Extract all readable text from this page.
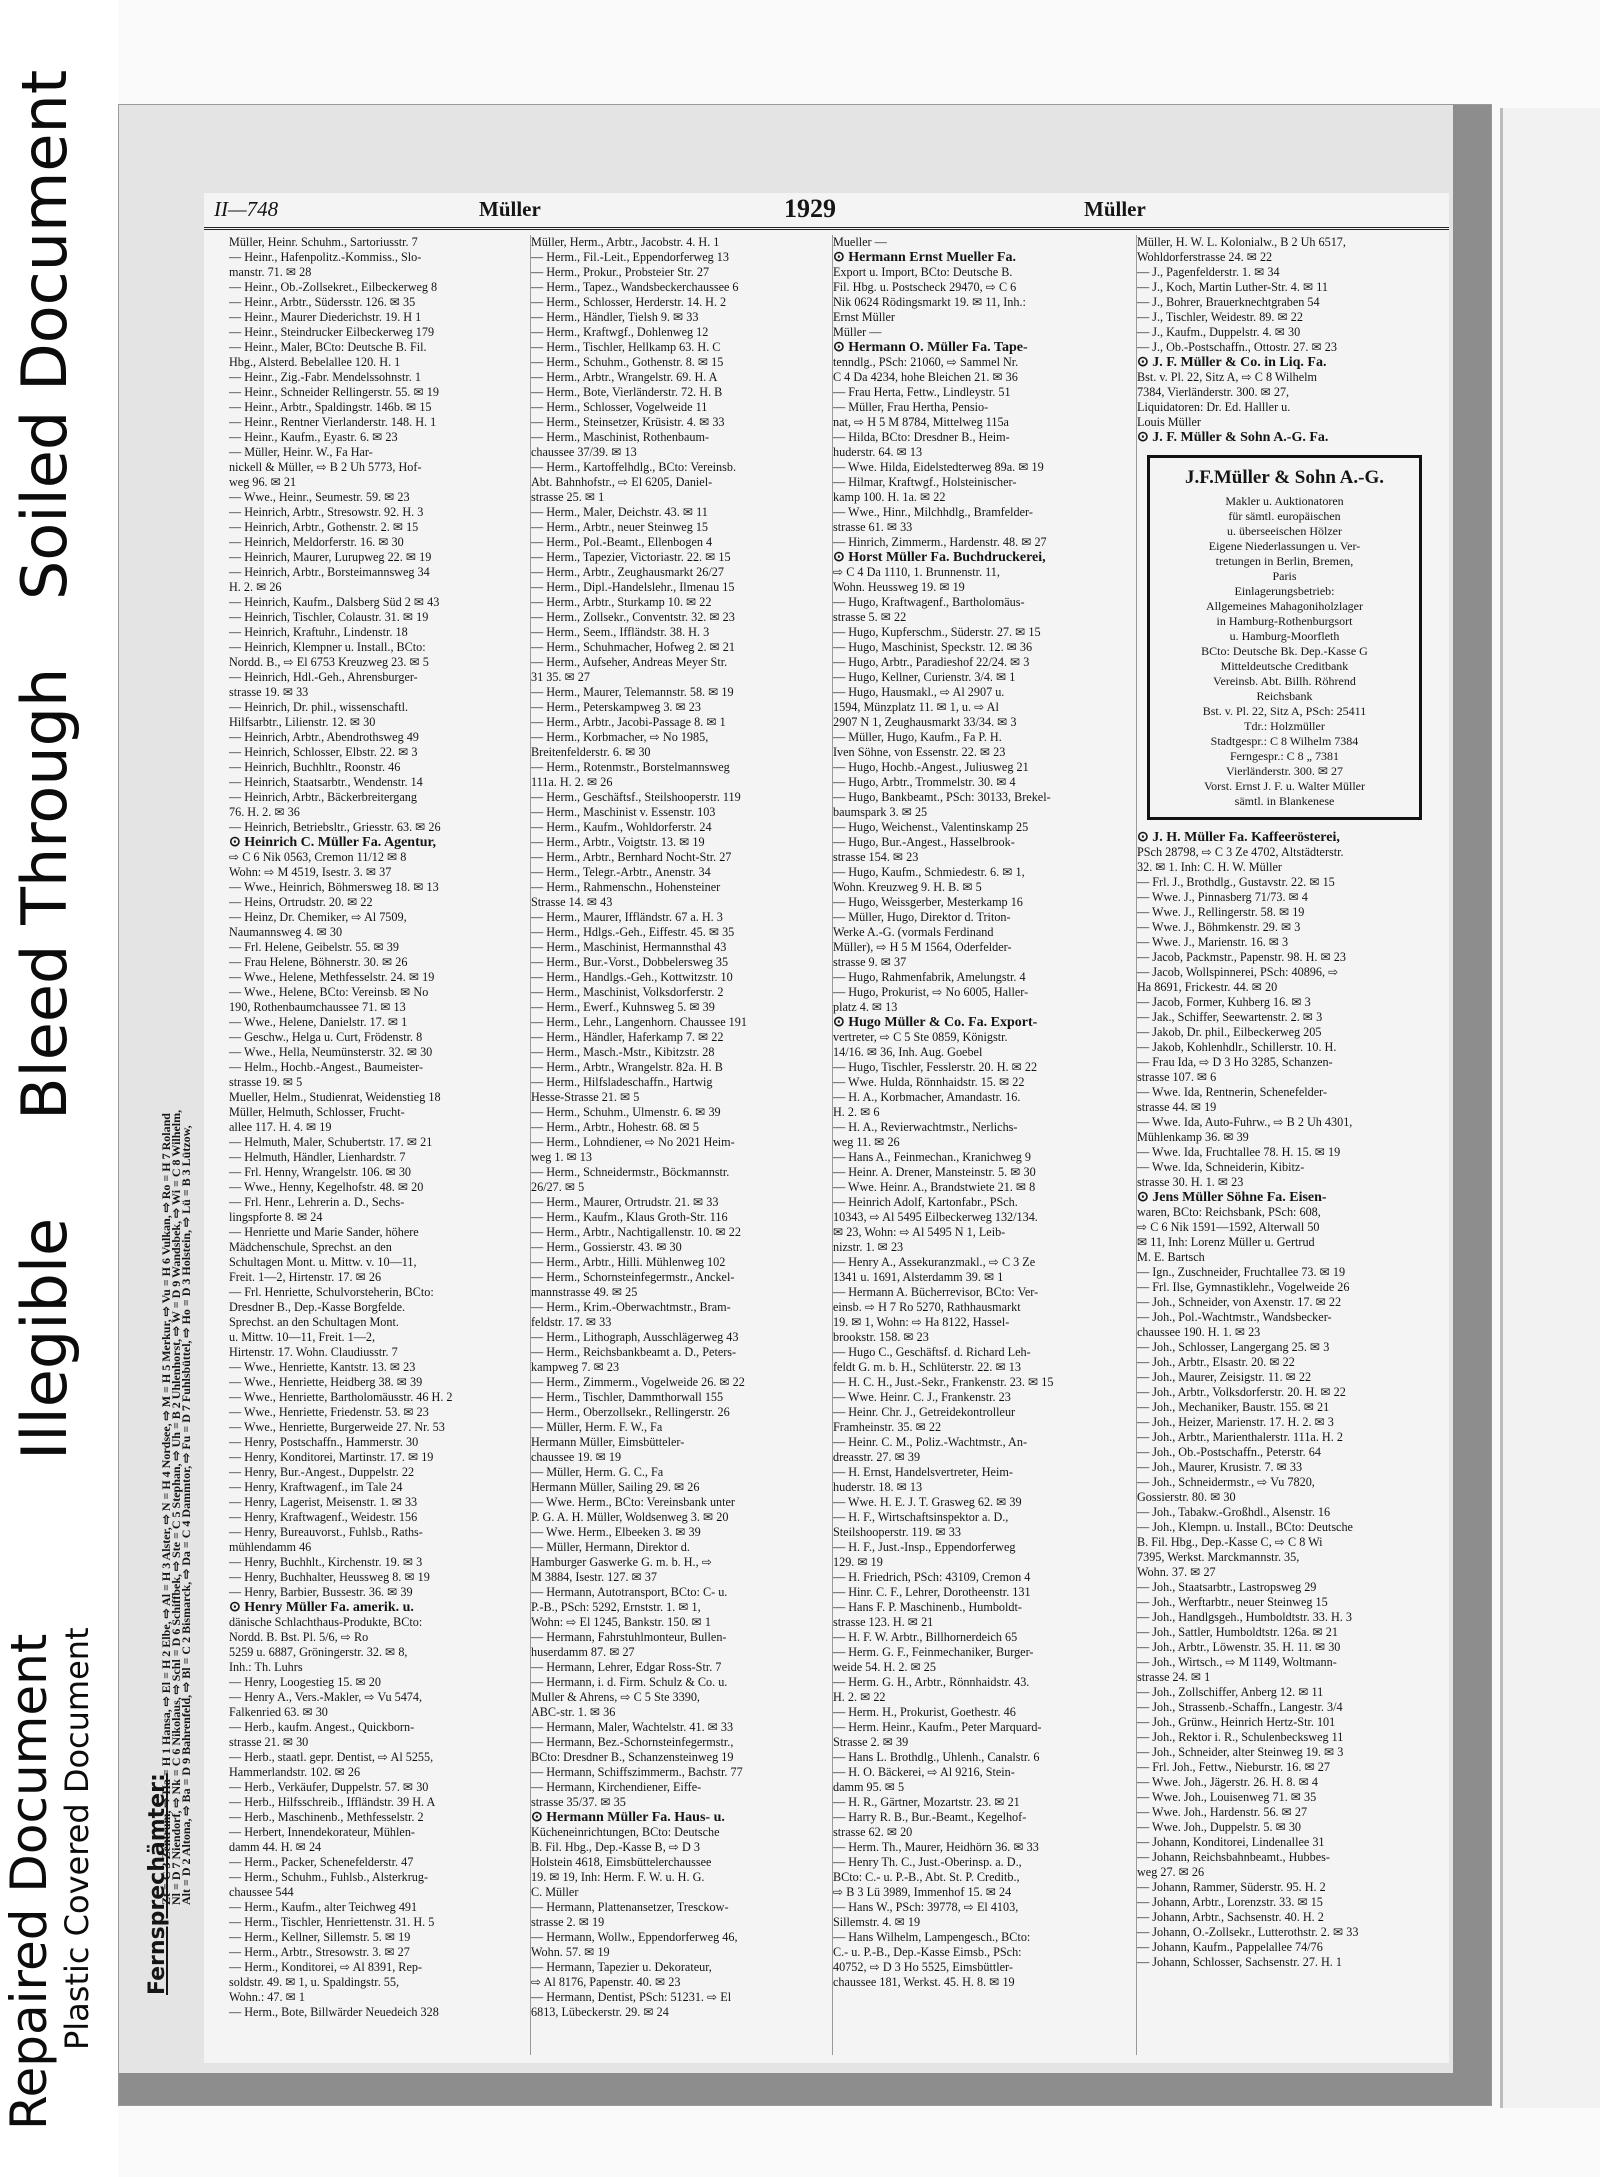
Repaired Document Plastic Covered Document
Illegible
Bleed Through
Soiled Document
Fernsprechämter: Alt = D 2 Altona, ⇨ Ba = D 9 Bahrenfeld, ⇨ Bl = C 2 Bismarck, ⇨ Da = C 4 Dammtor, ⇨ Fu = D 7 Fuhlsbüttel, ⇨ Ho = D 3 Holstein, ⇨ Lü = B 3 Lützow,
Nl = D 7 Niendorf, ⇨ Nk = C 6 Nikolaus, ⇨ Schl = D 6 Schiffbek, ⇨ Ste = C 5 Stephan, ⇨ Uh = B 2 Uhlenhorst, ⇨ W = D 9 Wandsbek, ⇨ Wi = C 8 Wilhelm,
Zt = C 3 Zentrum, ⇨ Ha = H 1 Hansa, ⇨ El = H 2 Elbe, ⇨ Al = H 3 Alster, ⇨ N = H 4 Nordsee, ⇨ M = H 5 Merkur, ⇨ Vu = H 6 Vulkan, ⇨ Ro = H 7 Roland
II—748	Müller	1929	Müller

Müller, Heinr. Schuhm., Sartoriusstr. 7

— Heinr., Hafenpolitz.-Kommiss., Slo-

manstr. 71. ✉ 28

— Heinr., Ob.-Zollsekret., Eilbeckerweg 8

— Heinr., Arbtr., Südersstr. 126. ✉ 35

— Heinr., Maurer Diederichstr. 19. H 1

— Heinr., Steindrucker Eilbeckerweg 179

— Heinr., Maler, BCto: Deutsche B. Fil.

Hbg., Alsterd. Bebelallee 120. H. 1

— Heinr., Zig.-Fabr. Mendelssohnstr. 1

— Heinr., Schneider Rellingerstr. 55. ✉ 19

— Heinr., Arbtr., Spaldingstr. 146b. ✉ 15

— Heinr., Rentner Vierlanderstr. 148. H. 1

— Heinr., Kaufm., Eyastr. 6. ✉ 23

— Müller, Heinr. W., Fa Har-

nickell & Müller, ⇨ B 2 Uh 5773, Hof-

weg 96. ✉ 21

— Wwe., Heinr., Seumestr. 59. ✉ 23

— Heinrich, Arbtr., Stresowstr. 92. H. 3

— Heinrich, Arbtr., Gothenstr. 2. ✉ 15

— Heinrich, Meldorferstr. 16. ✉ 30

— Heinrich, Maurer, Lurupweg 22. ✉ 19

— Heinrich, Arbtr., Borsteimannsweg 34

H. 2. ✉ 26

— Heinrich, Kaufm., Dalsberg Süd 2 ✉ 43

— Heinrich, Tischler, Colaustr. 31. ✉ 19

— Heinrich, Kraftuhr., Lindenstr. 18

— Heinrich, Klempner u. Install., BCto:

Nordd. B., ⇨ El 6753 Kreuzweg 23. ✉ 5

— Heinrich, Hdl.-Geh., Ahrensburger-

strasse 19. ✉ 33

— Heinrich, Dr. phil., wissenschaftl.

Hilfsarbtr., Lilienstr. 12. ✉ 30

— Heinrich, Arbtr., Abendrothsweg 49

— Heinrich, Schlosser, Elbstr. 22. ✉ 3

— Heinrich, Buchhltr., Roonstr. 46

— Heinrich, Staatsarbtr., Wendenstr. 14

— Heinrich, Arbtr., Bäckerbreitergang

76. H. 2. ✉ 36

— Heinrich, Betriebsltr., Griesstr. 63. ✉ 26

⊙ Heinrich C. Müller Fa. Agentur,

⇨ C 6 Nik 0563, Cremon 11/12 ✉ 8

Wohn: ⇨ M 4519, Isestr. 3. ✉ 37

— Wwe., Heinrich, Böhmersweg 18. ✉ 13

— Heins, Ortrudstr. 20. ✉ 22

— Heinz, Dr. Chemiker, ⇨ Al 7509,

Naumannsweg 4. ✉ 30

— Frl. Helene, Geibelstr. 55. ✉ 39

— Frau Helene, Böhnerstr. 30. ✉ 26

— Wwe., Helene, Methfesselstr. 24. ✉ 19

— Wwe., Helene, BCto: Vereinsb. ✉ No

190, Rothenbaumchaussee 71. ✉ 13

— Wwe., Helene, Danielstr. 17. ✉ 1

— Geschw., Helga u. Curt, Frödenstr. 8

— Wwe., Hella, Neumünsterstr. 32. ✉ 30

— Helm., Hochb.-Angest., Baumeister-

strasse 19. ✉ 5

Mueller, Helm., Studienrat, Weidenstieg 18

Müller, Helmuth, Schlosser, Frucht-

allee 117. H. 4. ✉ 19

— Helmuth, Maler, Schubertstr. 17. ✉ 21

— Helmuth, Händler, Lienhardstr. 7

— Frl. Henny, Wrangelstr. 106. ✉ 30

— Wwe., Henny, Kegelhofstr. 48. ✉ 20

— Frl. Henr., Lehrerin a. D., Sechs-

lingspforte 8. ✉ 24

— Henriette und Marie Sander, höhere

Mädchenschule, Sprechst. an den

Schultagen Mont. u. Mittw. v. 10—11,

Freit. 1—2, Hirtenstr. 17. ✉ 26

— Frl. Henriette, Schulvorsteherin, BCto:

Dresdner B., Dep.-Kasse Borgfelde.

Sprechst. an den Schultagen Mont.

u. Mittw. 10—11, Freit. 1—2,

Hirtenstr. 17. Wohn. Claudiusstr. 7

— Wwe., Henriette, Kantstr. 13. ✉ 23

— Wwe., Henriette, Heidberg 38. ✉ 39

— Wwe., Henriette, Bartholomäusstr. 46 H. 2

— Wwe., Henriette, Friedenstr. 53. ✉ 23

— Wwe., Henriette, Burgerweide 27. Nr. 53

— Henry, Postschaffn., Hammerstr. 30

— Henry, Konditorei, Martinstr. 17. ✉ 19

— Henry, Bur.-Angest., Duppelstr. 22

— Henry, Kraftwagenf., im Tale 24

— Henry, Lagerist, Meisenstr. 1. ✉ 33

— Henry, Kraftwagenf., Weidestr. 156

— Henry, Bureauvorst., Fuhlsb., Raths-

mühlendamm 46

— Henry, Buchhlt., Kirchenstr. 19. ✉ 3

— Henry, Buchhalter, Heussweg 8. ✉ 19

— Henry, Barbier, Bussestr. 36. ✉ 39

⊙ Henry Müller Fa. amerik. u.

dänische Schlachthaus-Produkte, BCto:

Nordd. B. Bst. Pl. 5/6, ⇨ Ro

5259 u. 6887, Gröningerstr. 32. ✉ 8,

Inh.: Th. Luhrs

— Henry, Loogestieg 15. ✉ 20

— Henry A., Vers.-Makler, ⇨ Vu 5474,

Falkenried 63. ✉ 30

— Herb., kaufm. Angest., Quickborn-

strasse 21. ✉ 30

— Herb., staatl. gepr. Dentist, ⇨ Al 5255,

Hammerlandstr. 102. ✉ 26

— Herb., Verkäufer, Duppelstr. 57. ✉ 30

— Herb., Hilfsschreib., Iffländstr. 39 H. A

— Herb., Maschinenb., Methfesselstr. 2

— Herbert, Innendekorateur, Mühlen-

damm 44. H. ✉ 24

— Herm., Packer, Schenefelderstr. 47

— Herm., Schuhm., Fuhlsb., Alsterkrug-

chaussee 544

— Herm., Kaufm., alter Teichweg 491

— Herm., Tischler, Henriettenstr. 31. H. 5

— Herm., Kellner, Sillemstr. 5. ✉ 19

— Herm., Arbtr., Stresowstr. 3. ✉ 27

— Herm., Konditorei, ⇨ Al 8391, Rep-

soldstr. 49. ✉ 1, u. Spaldingstr. 55,

Wohn.: 47. ✉ 1

— Herm., Bote, Billwärder Neuedeich 328

Müller, Herm., Arbtr., Jacobstr. 4. H. 1

— Herm., Fil.-Leit., Eppendorferweg 13

— Herm., Prokur., Probsteier Str. 27

— Herm., Tapez., Wandsbeckerchaussee 6

— Herm., Schlosser, Herderstr. 14. H. 2

— Herm., Händler, Tielsh 9. ✉ 33

— Herm., Kraftwgf., Dohlenweg 12

— Herm., Tischler, Hellkamp 63. H. C

— Herm., Schuhm., Gothenstr. 8. ✉ 15

— Herm., Arbtr., Wrangelstr. 69. H. A

— Herm., Bote, Vierländerstr. 72. H. B

— Herm., Schlosser, Vogelweide 11

— Herm., Steinsetzer, Krüsistr. 4. ✉ 33

— Herm., Maschinist, Rothenbaum-

chaussee 37/39. ✉ 13

— Herm., Kartoffelhdlg., BCto: Vereinsb.

Abt. Bahnhofstr., ⇨ El 6205, Daniel-

strasse 25. ✉ 1

— Herm., Maler, Deichstr. 43. ✉ 11

— Herm., Arbtr., neuer Steinweg 15

— Herm., Pol.-Beamt., Ellenbogen 4

— Herm., Tapezier, Victoriastr. 22. ✉ 15

— Herm., Arbtr., Zeughausmarkt 26/27

— Herm., Dipl.-Handelslehr., Ilmenau 15

— Herm., Arbtr., Sturkamp 10. ✉ 22

— Herm., Zollsekr., Conventstr. 32. ✉ 23

— Herm., Seem., Iffländstr. 38. H. 3

— Herm., Schuhmacher, Hofweg 2. ✉ 21

— Herm., Aufseher, Andreas Meyer Str.

31 35. ✉ 27

— Herm., Maurer, Telemannstr. 58. ✉ 19

— Herm., Peterskampweg 3. ✉ 23

— Herm., Arbtr., Jacobi-Passage 8. ✉ 1

— Herm., Korbmacher, ⇨ No 1985,

Breitenfelderstr. 6. ✉ 30

— Herm., Rotenmstr., Borstelmannsweg

111a. H. 2. ✉ 26

— Herm., Geschäftsf., Steilshooperstr. 119

— Herm., Maschinist v. Essenstr. 103

— Herm., Kaufm., Wohldorferstr. 24

— Herm., Arbtr., Voigtstr. 13. ✉ 19

— Herm., Arbtr., Bernhard Nocht-Str. 27

— Herm., Telegr.-Arbtr., Anenstr. 34

— Herm., Rahmenschn., Hohensteiner

Strasse 14. ✉ 43

— Herm., Maurer, Iffländstr. 67 a. H. 3

— Herm., Hdlgs.-Geh., Eiffestr. 45. ✉ 35

— Herm., Maschinist, Hermannsthal 43

— Herm., Bur.-Vorst., Dobbelersweg 35

— Herm., Handlgs.-Geh., Kottwitzstr. 10

— Herm., Maschinist, Volksdorferstr. 2

— Herm., Ewerf., Kuhnsweg 5. ✉ 39

— Herm., Lehr., Langenhorn. Chaussee 191

— Herm., Händler, Haferkamp 7. ✉ 22

— Herm., Masch.-Mstr., Kibitzstr. 28

— Herm., Arbtr., Wrangelstr. 82a. H. B

— Herm., Hilfsladeschaffn., Hartwig

Hesse-Strasse 21. ✉ 5

— Herm., Schuhm., Ulmenstr. 6. ✉ 39

— Herm., Arbtr., Hohestr. 68. ✉ 5

— Herm., Lohndiener, ⇨ No 2021 Heim-

weg 1. ✉ 13

— Herm., Schneidermstr., Böckmannstr.

26/27. ✉ 5

— Herm., Maurer, Ortrudstr. 21. ✉ 33

— Herm., Kaufm., Klaus Groth-Str. 116

— Herm., Arbtr., Nachtigallenstr. 10. ✉ 22

— Herm., Gossierstr. 43. ✉ 30

— Herm., Arbtr., Hilli. Mühlenweg 102

— Herm., Schornsteinfegermstr., Anckel-

mannstrasse 49. ✉ 25

— Herm., Krim.-Oberwachtmstr., Bram-

feldstr. 17. ✉ 33

— Herm., Lithograph, Ausschlägerweg 43

— Herm., Reichsbankbeamt a. D., Peters-

kampweg 7. ✉ 23

— Herm., Zimmerm., Vogelweide 26. ✉ 22

— Herm., Tischler, Dammthorwall 155

— Herm., Oberzollsekr., Rellingerstr. 26

— Müller, Herm. F. W., Fa

Hermann Müller, Eimsbütteler-

chaussee 19. ✉ 19

— Müller, Herm. G. C., Fa

Hermann Müller, Sailing 29. ✉ 26

— Wwe. Herm., BCto: Vereinsbank unter

P. G. A. H. Müller, Woldsenweg 3. ✉ 20

— Wwe. Herm., Elbeeken 3. ✉ 39

— Müller, Hermann, Direktor d.

Hamburger Gaswerke G. m. b. H., ⇨

M 3884, Isestr. 127. ✉ 37

— Hermann, Autotransport, BCto: C- u.

P.-B., PSch: 5292, Ernststr. 1. ✉ 1,

Wohn: ⇨ El 1245, Bankstr. 150. ✉ 1

— Hermann, Fahrstuhlmonteur, Bullen-

huserdamm 87. ✉ 27

— Hermann, Lehrer, Edgar Ross-Str. 7

— Hermann, i. d. Firm. Schulz & Co. u.

Muller & Ahrens, ⇨ C 5 Ste 3390,

ABC-str. 1. ✉ 36

— Hermann, Maler, Wachtelstr. 41. ✉ 33

— Hermann, Bez.-Schornsteinfegermstr.,

BCto: Dresdner B., Schanzensteinweg 19

— Hermann, Schiffszimmerm., Bachstr. 77

— Hermann, Kirchendiener, Eiffe-

strasse 35/37. ✉ 35

⊙ Hermann Müller Fa. Haus- u.

Kücheneinrichtungen, BCto: Deutsche

B. Fil. Hbg., Dep.-Kasse B, ⇨ D 3

Holstein 4618, Eimsbüttelerchaussee

19. ✉ 19, Inh: Herm. F. W. u. H. G.

C. Müller

— Hermann, Plattenansetzer, Tresckow-

strasse 2. ✉ 19

— Hermann, Wollw., Eppendorferweg 46,

Wohn. 57. ✉ 19

— Hermann, Tapezier u. Dekorateur,

⇨ Al 8176, Papenstr. 40. ✉ 23

— Hermann, Dentist, PSch: 51231. ⇨ El

6813, Lübeckerstr. 29. ✉ 24

Mueller —

⊙ Hermann Ernst Mueller Fa.

Export u. Import, BCto: Deutsche B.

Fil. Hbg. u. Postscheck 29470, ⇨ C 6

Nik 0624 Rödingsmarkt 19. ✉ 11, Inh.:

Ernst Müller

Müller —

⊙ Hermann O. Müller Fa. Tape-

tenndlg., PSch: 21060, ⇨ Sammel Nr.

C 4 Da 4234, hohe Bleichen 21. ✉ 36

— Frau Herta, Fettw., Lindleystr. 51

— Müller, Frau Hertha, Pensio-

nat, ⇨ H 5 M 8784, Mittelweg 115a

— Hilda, BCto: Dresdner B., Heim-

huderstr. 64. ✉ 13

— Wwe. Hilda, Eidelstedterweg 89a. ✉ 19

— Hilmar, Kraftwgf., Holsteinischer-

kamp 100. H. 1a. ✉ 22

— Wwe., Hinr., Milchhdlg., Bramfelder-

strasse 61. ✉ 33

— Hinrich, Zimmerm., Hardenstr. 48. ✉ 27

⊙ Horst Müller Fa. Buchdruckerei,

⇨ C 4 Da 1110, 1. Brunnenstr. 11,

Wohn. Heussweg 19. ✉ 19

— Hugo, Kraftwagenf., Bartholomäus-

strasse 5. ✉ 22

— Hugo, Kupferschm., Süderstr. 27. ✉ 15

— Hugo, Maschinist, Speckstr. 12. ✉ 36

— Hugo, Arbtr., Paradieshof 22/24. ✉ 3

— Hugo, Kellner, Curienstr. 3/4. ✉ 1

— Hugo, Hausmakl., ⇨ Al 2907 u.

1594, Münzplatz 11. ✉ 1, u. ⇨ Al

2907 N 1, Zeughausmarkt 33/34. ✉ 3

— Müller, Hugo, Kaufm., Fa P. H.

Iven Söhne, von Essenstr. 22. ✉ 23

— Hugo, Hochb.-Angest., Juliusweg 21

— Hugo, Arbtr., Trommelstr. 30. ✉ 4

— Hugo, Bankbeamt., PSch: 30133, Brekel-

baumspark 3. ✉ 25

— Hugo, Weichenst., Valentinskamp 25

— Hugo, Bur.-Angest., Hasselbrook-

strasse 154. ✉ 23

— Hugo, Kaufm., Schmiedestr. 6. ✉ 1,

Wohn. Kreuzweg 9. H. B. ✉ 5

— Hugo, Weissgerber, Mesterkamp 16

— Müller, Hugo, Direktor d. Triton-

Werke A.-G. (vormals Ferdinand

Müller), ⇨ H 5 M 1564, Oderfelder-

strasse 9. ✉ 37

— Hugo, Rahmenfabrik, Amelungstr. 4

— Hugo, Prokurist, ⇨ No 6005, Haller-

platz 4. ✉ 13

⊙ Hugo Müller & Co. Fa. Export-

vertreter, ⇨ C 5 Ste 0859, Königstr.

14/16. ✉ 36, Inh. Aug. Goebel

— Hugo, Tischler, Fesslerstr. 20. H. ✉ 22

— Wwe. Hulda, Rönnhaidstr. 15. ✉ 22

— H. A., Korbmacher, Amandastr. 16.

H. 2. ✉ 6

— H. A., Revierwachtmstr., Nerlichs-

weg 11. ✉ 26

— Hans A., Feinmechan., Kranichweg 9

— Heinr. A. Drener, Mansteinstr. 5. ✉ 30

— Wwe. Heinr. A., Brandstwiete 21. ✉ 8

— Heinrich Adolf, Kartonfabr., PSch.

10343, ⇨ Al 5495 Eilbeckerweg 132/134.

✉ 23, Wohn: ⇨ Al 5495 N 1, Leib-

nizstr. 1. ✉ 23

— Henry A., Assekuranzmakl., ⇨ C 3 Ze

1341 u. 1691, Alsterdamm 39. ✉ 1

— Hermann A. Bücherrevisor, BCto: Ver-

einsb. ⇨ H 7 Ro 5270, Rathhausmarkt

19. ✉ 1, Wohn: ⇨ Ha 8122, Hassel-

brookstr. 158. ✉ 23

— Hugo C., Geschäftsf. d. Richard Leh-

feldt G. m. b. H., Schlüterstr. 22. ✉ 13

— H. C. H., Just.-Sekr., Frankenstr. 23. ✉ 15

— Wwe. Heinr. C. J., Frankenstr. 23

— Heinr. Chr. J., Getreidekontrolleur

Framheinstr. 35. ✉ 22

— Heinr. C. M., Poliz.-Wachtmstr., An-

dreasstr. 27. ✉ 39

— H. Ernst, Handelsvertreter, Heim-

huderstr. 18. ✉ 13

— Wwe. H. E. J. T. Grasweg 62. ✉ 39

— H. F., Wirtschaftsinspektor a. D.,

Steilshooperstr. 119. ✉ 33

— H. F., Just.-Insp., Eppendorferweg

129. ✉ 19

— H. Friedrich, PSch: 43109, Cremon 4

— Hinr. C. F., Lehrer, Dorotheenstr. 131

— Hans F. P. Maschinenb., Humboldt-

strasse 123. H. ✉ 21

— H. F. W. Arbtr., Billhornerdeich 65

— Herm. G. F., Feinmechaniker, Burger-

weide 54. H. 2. ✉ 25

— Herm. G. H., Arbtr., Rönnhaidstr. 43.

H. 2. ✉ 22

— Herm. H., Prokurist, Goethestr. 46

— Herm. Heinr., Kaufm., Peter Marquard-

Strasse 2. ✉ 39

— Hans L. Brothdlg., Uhlenh., Canalstr. 6

— H. O. Bäckerei, ⇨ Al 9216, Stein-

damm 95. ✉ 5

— H. R., Gärtner, Mozartstr. 23. ✉ 21

— Harry R. B., Bur.-Beamt., Kegelhof-

strasse 62. ✉ 20

— Herm. Th., Maurer, Heidhörn 36. ✉ 33

— Henry Th. C., Just.-Oberinsp. a. D.,

BCto: C.- u. P.-B., Abt. St. P. Creditb.,

⇨ B 3 Lü 3989, Immenhof 15. ✉ 24

— Hans W., PSch: 39778, ⇨ El 4103,

Sillemstr. 4. ✉ 19

— Hans Wilhelm, Lampengesch., BCto:

C.- u. P.-B., Dep.-Kasse Eimsb., PSch:

40752, ⇨ D 3 Ho 5525, Eimsbüttler-

chaussee 181, Werkst. 45. H. 8. ✉ 19

Müller, H. W. L. Kolonialw., B 2 Uh 6517,

Wohldorferstrasse 24. ✉ 22

— J., Pagenfelderstr. 1. ✉ 34

— J., Koch, Martin Luther-Str. 4. ✉ 11

— J., Bohrer, Brauerknechtgraben 54

— J., Tischler, Weidestr. 89. ✉ 22

— J., Kaufm., Duppelstr. 4. ✉ 30

— J., Ob.-Postschaffn., Ottostr. 27. ✉ 23

⊙ J. F. Müller & Co. in Liq. Fa.

Bst. v. Pl. 22, Sitz A, ⇨ C 8 Wilhelm

7384, Vierländerstr. 300. ✉ 27,

Liquidatoren: Dr. Ed. Halller u.

Louis Müller

⊙ J. F. Müller & Sohn A.-G. Fa.

J.F.Müller & Sohn A.-G.

Makler u. Auktionatoren

für sämtl. europäischen

u. überseeischen Hölzer

Eigene Niederlassungen u. Ver-

tretungen in Berlin, Bremen,

Paris

Einlagerungsbetrieb:

Allgemeines Mahagoniholzlager

in Hamburg-Rothenburgsort

u. Hamburg-Moorfleth

BCto: Deutsche Bk. Dep.-Kasse G

Mitteldeutsche Creditbank

Vereinsb. Abt. Billh. Röhrend

Reichsbank

Bst. v. Pl. 22, Sitz A, PSch: 25411

Tdr.: Holzmüller

Stadtgespr.: C 8 Wilhelm 7384

Ferngespr.: C 8 „ 7381

Vierländerstr. 300. ✉ 27

Vorst. Ernst J. F. u. Walter Müller

sämtl. in Blankenese

⊙ J. H. Müller Fa. Kaffeerösterei,

PSch 28798, ⇨ C 3 Ze 4702, Altstädterstr.

32. ✉ 1. Inh: C. H. W. Müller

— Frl. J., Brothdlg., Gustavstr. 22. ✉ 15

— Wwe. J., Pinnasberg 71/73. ✉ 4

— Wwe. J., Rellingerstr. 58. ✉ 19

— Wwe. J., Böhmkenstr. 29. ✉ 3

— Wwe. J., Marienstr. 16. ✉ 3

— Jacob, Packmstr., Papenstr. 98. H. ✉ 23

— Jacob, Wollspinnerei, PSch: 40896, ⇨

Ha 8691, Frickestr. 44. ✉ 20

— Jacob, Former, Kuhberg 16. ✉ 3

— Jak., Schiffer, Seewartenstr. 2. ✉ 3

— Jakob, Dr. phil., Eilbeckerweg 205

— Jakob, Kohlenhdlr., Schillerstr. 10. H.

— Frau Ida, ⇨ D 3 Ho 3285, Schanzen-

strasse 107. ✉ 6

— Wwe. Ida, Rentnerin, Schenefelder-

strasse 44. ✉ 19

— Wwe. Ida, Auto-Fuhrw., ⇨ B 2 Uh 4301,

Mühlenkamp 36. ✉ 39

— Wwe. Ida, Fruchtallee 78. H. 15. ✉ 19

— Wwe. Ida, Schneiderin, Kibitz-

strasse 30. H. 1. ✉ 23

⊙ Jens Müller Söhne Fa. Eisen-

waren, BCto: Reichsbank, PSch: 608,

⇨ C 6 Nik 1591—1592, Alterwall 50

✉ 11, Inh: Lorenz Müller u. Gertrud

M. E. Bartsch

— Ign., Zuschneider, Fruchtallee 73. ✉ 19

— Frl. Ilse, Gymnastiklehr., Vogelweide 26

— Joh., Schneider, von Axenstr. 17. ✉ 22

— Joh., Pol.-Wachtmstr., Wandsbecker-

chaussee 190. H. 1. ✉ 23

— Joh., Schlosser, Langergang 25. ✉ 3

— Joh., Arbtr., Elsastr. 20. ✉ 22

— Joh., Maurer, Zeisigstr. 11. ✉ 22

— Joh., Arbtr., Volksdorferstr. 20. H. ✉ 22

— Joh., Mechaniker, Baustr. 155. ✉ 21

— Joh., Heizer, Marienstr. 17. H. 2. ✉ 3

— Joh., Arbtr., Marienthalerstr. 111a. H. 2

— Joh., Ob.-Postschaffn., Peterstr. 64

— Joh., Maurer, Krusistr. 7. ✉ 33

— Joh., Schneidermstr., ⇨ Vu 7820,

Gossierstr. 80. ✉ 30

— Joh., Tabakw.-Großhdl., Alsenstr. 16

— Joh., Klempn. u. Install., BCto: Deutsche

B. Fil. Hbg., Dep.-Kasse C, ⇨ C 8 Wi

7395, Werkst. Marckmannstr. 35,

Wohn. 37. ✉ 27

— Joh., Staatsarbtr., Lastropsweg 29

— Joh., Werftarbtr., neuer Steinweg 15

— Joh., Handlgsgeh., Humboldtstr. 33. H. 3

— Joh., Sattler, Humboldtstr. 126a. ✉ 21

— Joh., Arbtr., Löwenstr. 35. H. 11. ✉ 30

— Joh., Wirtsch., ⇨ M 1149, Woltmann-

strasse 24. ✉ 1

— Joh., Zollschiffer, Anberg 12. ✉ 11

— Joh., Strassenb.-Schaffn., Langestr. 3/4

— Joh., Grünw., Heinrich Hertz-Str. 101

— Joh., Rektor i. R., Schulenbecksweg 11

— Joh., Schneider, alter Steinweg 19. ✉ 3

— Frl. Joh., Fettw., Nieburstr. 16. ✉ 27

— Wwe. Joh., Jägerstr. 26. H. 8. ✉ 4

— Wwe. Joh., Louisenweg 71. ✉ 35

— Wwe. Joh., Hardenstr. 56. ✉ 27

— Wwe. Joh., Duppelstr. 5. ✉ 30

— Johann, Konditorei, Lindenallee 31

— Johann, Reichsbahnbeamt., Hubbes-

weg 27. ✉ 26

— Johann, Rammer, Süderstr. 95. H. 2

— Johann, Arbtr., Lorenzstr. 33. ✉ 15

— Johann, Arbtr., Sachsenstr. 40. H. 2

— Johann, O.-Zollsekr., Lutterothstr. 2. ✉ 33

— Johann, Kaufm., Pappelallee 74/76

— Johann, Schlosser, Sachsenstr. 27. H. 1
